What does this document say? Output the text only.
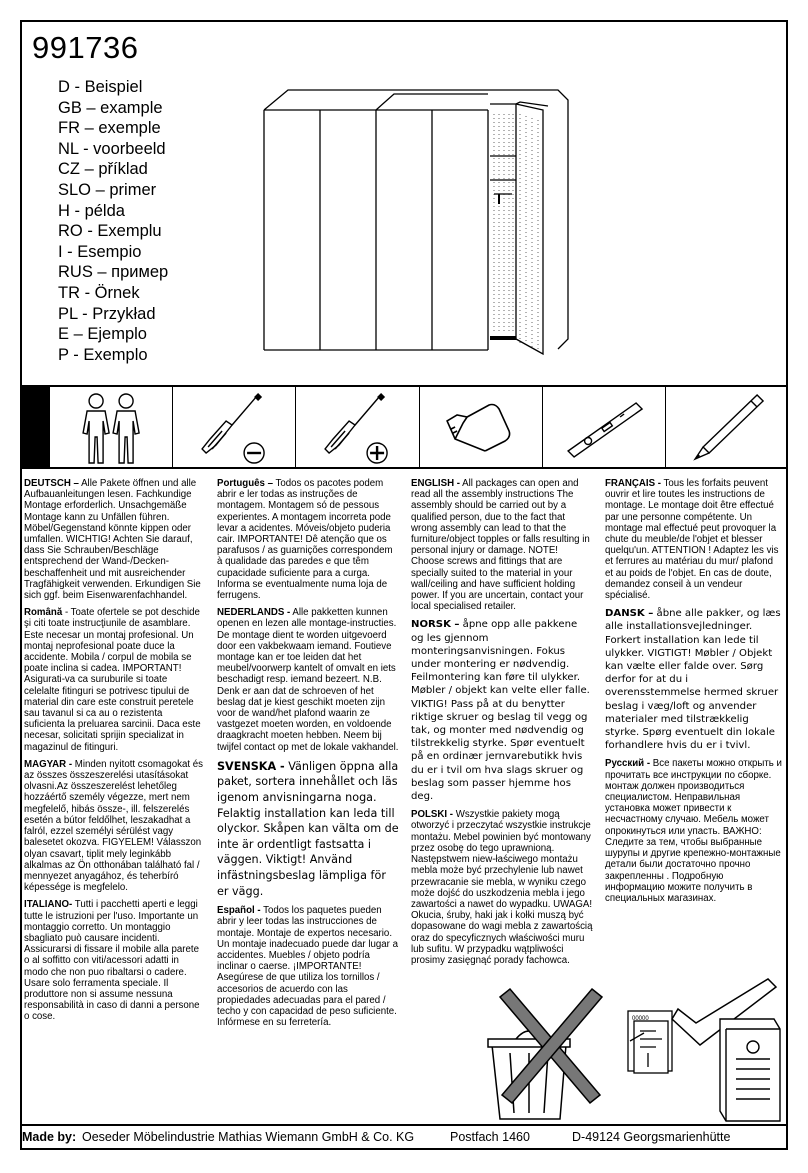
991736
D - Beispiel
GB – example
FR – exemple
NL - voorbeeld
CZ – příklad
SLO – primer
H - példa
RO - Exemplu
I - Esempio
RUS – пример
TR - Örnek
PL - Przykład
E – Ejemplo
P - Exemplo

DEUTSCH – Alle Pakete öffnen und alle Aufbauanleitungen lesen. Fachkundige Montage erforderlich. Unsachgemäße Montage kann zu Unfällen führen. Möbel/Gegenstand könnte kippen oder umfallen. WICHTIG! Achten Sie darauf, dass Sie Schrauben/Beschläge entsprechend der Wand-/Decken-beschaffenheit und mit ausreichender Tragfähigkeit verwenden. Erkundigen Sie sich ggf. beim Eisenwarenfachhandel.

Română - Toate ofertele se pot deschide şi citi toate instrucţiunile de asamblare. Este necesar un montaj profesional. Un montaj neprofesional poate duce la accidente. Mobila / corpul de mobila se poate inclina si cadea. IMPORTANT! Asigurati-va ca suruburile si toate celelalte fitinguri se potrivesc tipului de material din care este construit peretele sau tavanul si ca au o rezistenta suficienta la preluarea sarcinii. Daca este necesar, solicitati sprijin specializat in magazinul de fitinguri.

MAGYAR - Minden nyitott csomagokat és az összes összeszerelési utasításokat olvasni.Az összeszerelést lehetőleg hozzáértő személy végezze, mert nem megfelelő, hibás össze-, ill. felszerelés esetén a bútor feldőlhet, leszakadhat a falról, ezzel személyi sérülést vagy balesetet okozva. FIGYELEM! Válasszon olyan csavart, tiplit mely leginkább alkalmas az Ön otthonában található fal / mennyezet anyagához, és teherbíró képessége is megfelelo.

ITALIANO- Tutti i pacchetti aperti e leggi tutte le istruzioni per l'uso. Importante un montaggio corretto. Un montaggio sbagliato può causare incidenti. Assicurarsi di fissare il mobile alla parete o al soffitto con viti/acessori adatti in modo che non puo ribaltarsi o cadere. Usare solo ferramenta speciale. Il produttore non si assume nessuna responsabilità in caso di danni a persone o cose.

Português – Todos os pacotes podem abrir e ler todas as instruções de montagem. Montagem só de pessous experientes. A montagem incorreta pode levar a acidentes. Móveis/objeto puderia cair. IMPORTANTE! Dê atenção que os parafusos / as guarnições correspondem à qualidade das paredes e que têm cupacidade suficiente para a curga. Informa se eventualmente numa loja de ferrugens.

NEDERLANDS - Alle pakketten kunnen openen en lezen alle montage-instructies. De montage dient te worden uitgevoerd door een vakbekwaam iemand. Foutieve montage kan er toe leiden dat het meubel/voorwerp kantelt of omvalt en iets beschadigt resp. iemand bezeert. N.B. Denk er aan dat de schroeven of het beslag dat je kiest geschikt moeten zijn voor de wand/het plafond waarin ze vastgezet moeten worden, en voldoende draagkracht moeten hebben. Neem bij twijfel contact op met de lokale vakhandel.

SVENSKA - Vänligen öppna alla paket, sortera innehållet och läs igenom anvisningarna noga. Felaktig installation kan leda till olyckor. Skåpen kan välta om de inte är ordentligt fastsatta i väggen. Viktigt! Använd infästningsbeslag lämpliga för er vägg.

Español - Todos los paquetes pueden abrir y leer todas las instrucciones de montaje. Montaje de expertos necesario. Un montaje inadecuado puede dar lugar a accidentes. Muebles / objeto podría inclinar o caerse. ¡IMPORTANTE! Asegúrese de que utiliza los tornillos / accesorios de acuerdo con las propiedades adecuadas para el pared / techo y con capacidad de peso suficiente. Infórmese en su ferretería.

ENGLISH - All packages can open and read all the assembly instructions The assembly should be carried out by a qualified person, due to the fact that wrong assembly can lead to that the furniture/object topples or falls resulting in personal injury or damage. NOTE! Choose screws and fittings that are specially suited to the material in your wall/ceiling and have sufficient holding power. If you are uncertain, contact your local specialised retailer.

NORSK – åpne opp alle pakkene og les gjennom monteringsanvisningen. Fokus under montering er nødvendig. Feilmontering kan føre til ulykker. Møbler / objekt kan velte eller falle. VIKTIG! Pass på at du benytter riktige skruer og beslag til vegg og tak, og monter med nødvendig og tilstrekkelig styrke. Spør eventuelt på en ordinær jernvarebutikk hvis du er i tvil om hva slags skruer og beslag som passer hjemme hos deg.

POLSKI - Wszystkie pakiety mogą otworzyć i przeczytać wszystkie instrukcje montażu. Mebel powinien być montowany przez osobę do tego uprawnioną. Następstwem niew-łaściwego montażu mebla może być przechylenie lub nawet przewracanie sie mebla, w wyniku czego może dojść do uszkodzenia mebla i jego zawartości a nawet do wypadku. UWAGA! Okucia, śruby, haki jak i kołki muszą być dopasowane do wagi mebla z zawartością oraz do specyficznych właściwości muru lub sufitu. W przypadku wątpliwości prosimy zasięgnąć porady fachowca.

FRANÇAIS - Tous les forfaits peuvent ouvrir et lire toutes les instructions de montage. Le montage doit être effectué par une personne compétente. Un montage mal effectué peut provoquer la chute du meuble/de l'objet et blesser quelqu'un. ATTENTION ! Adaptez les vis et ferrures au matériau du mur/ plafond et au poids de l'objet. En cas de doute, demandez conseil à un vendeur spécialisé.

DANSK – åbne alle pakker, og læs alle installationsvejledninger. Forkert installation kan lede til ulykker. VIGTIGT! Møbler / Objekt kan vælte eller falde over. Sørg derfor for at du i overensstemmelse hermed skruer beslag i væg/loft og anvender materialer med tilstrækkelig styrke. Spørg eventuelt din lokale forhandlere hvis du er i tvivl.

Русский - Все пакеты можно открыть и прочитать все инструкции по сборке. монтаж должен производиться специалистом. Неправильная установка может привести к несчастному случаю. Мебель может опрокинуться или упасть. ВАЖНО: Следите за тем, чтобы выбранные шурупы и другие крепежно-монтажные детали были достаточно прочно закрепленны . Подробную информацию можите получить в специальных магазинах.

00000
Made by: Oeseder Möbelindustrie Mathias Wiemann GmbH & Co. KG	Postfach 1460	D-49124 Georgsmarienhütte
